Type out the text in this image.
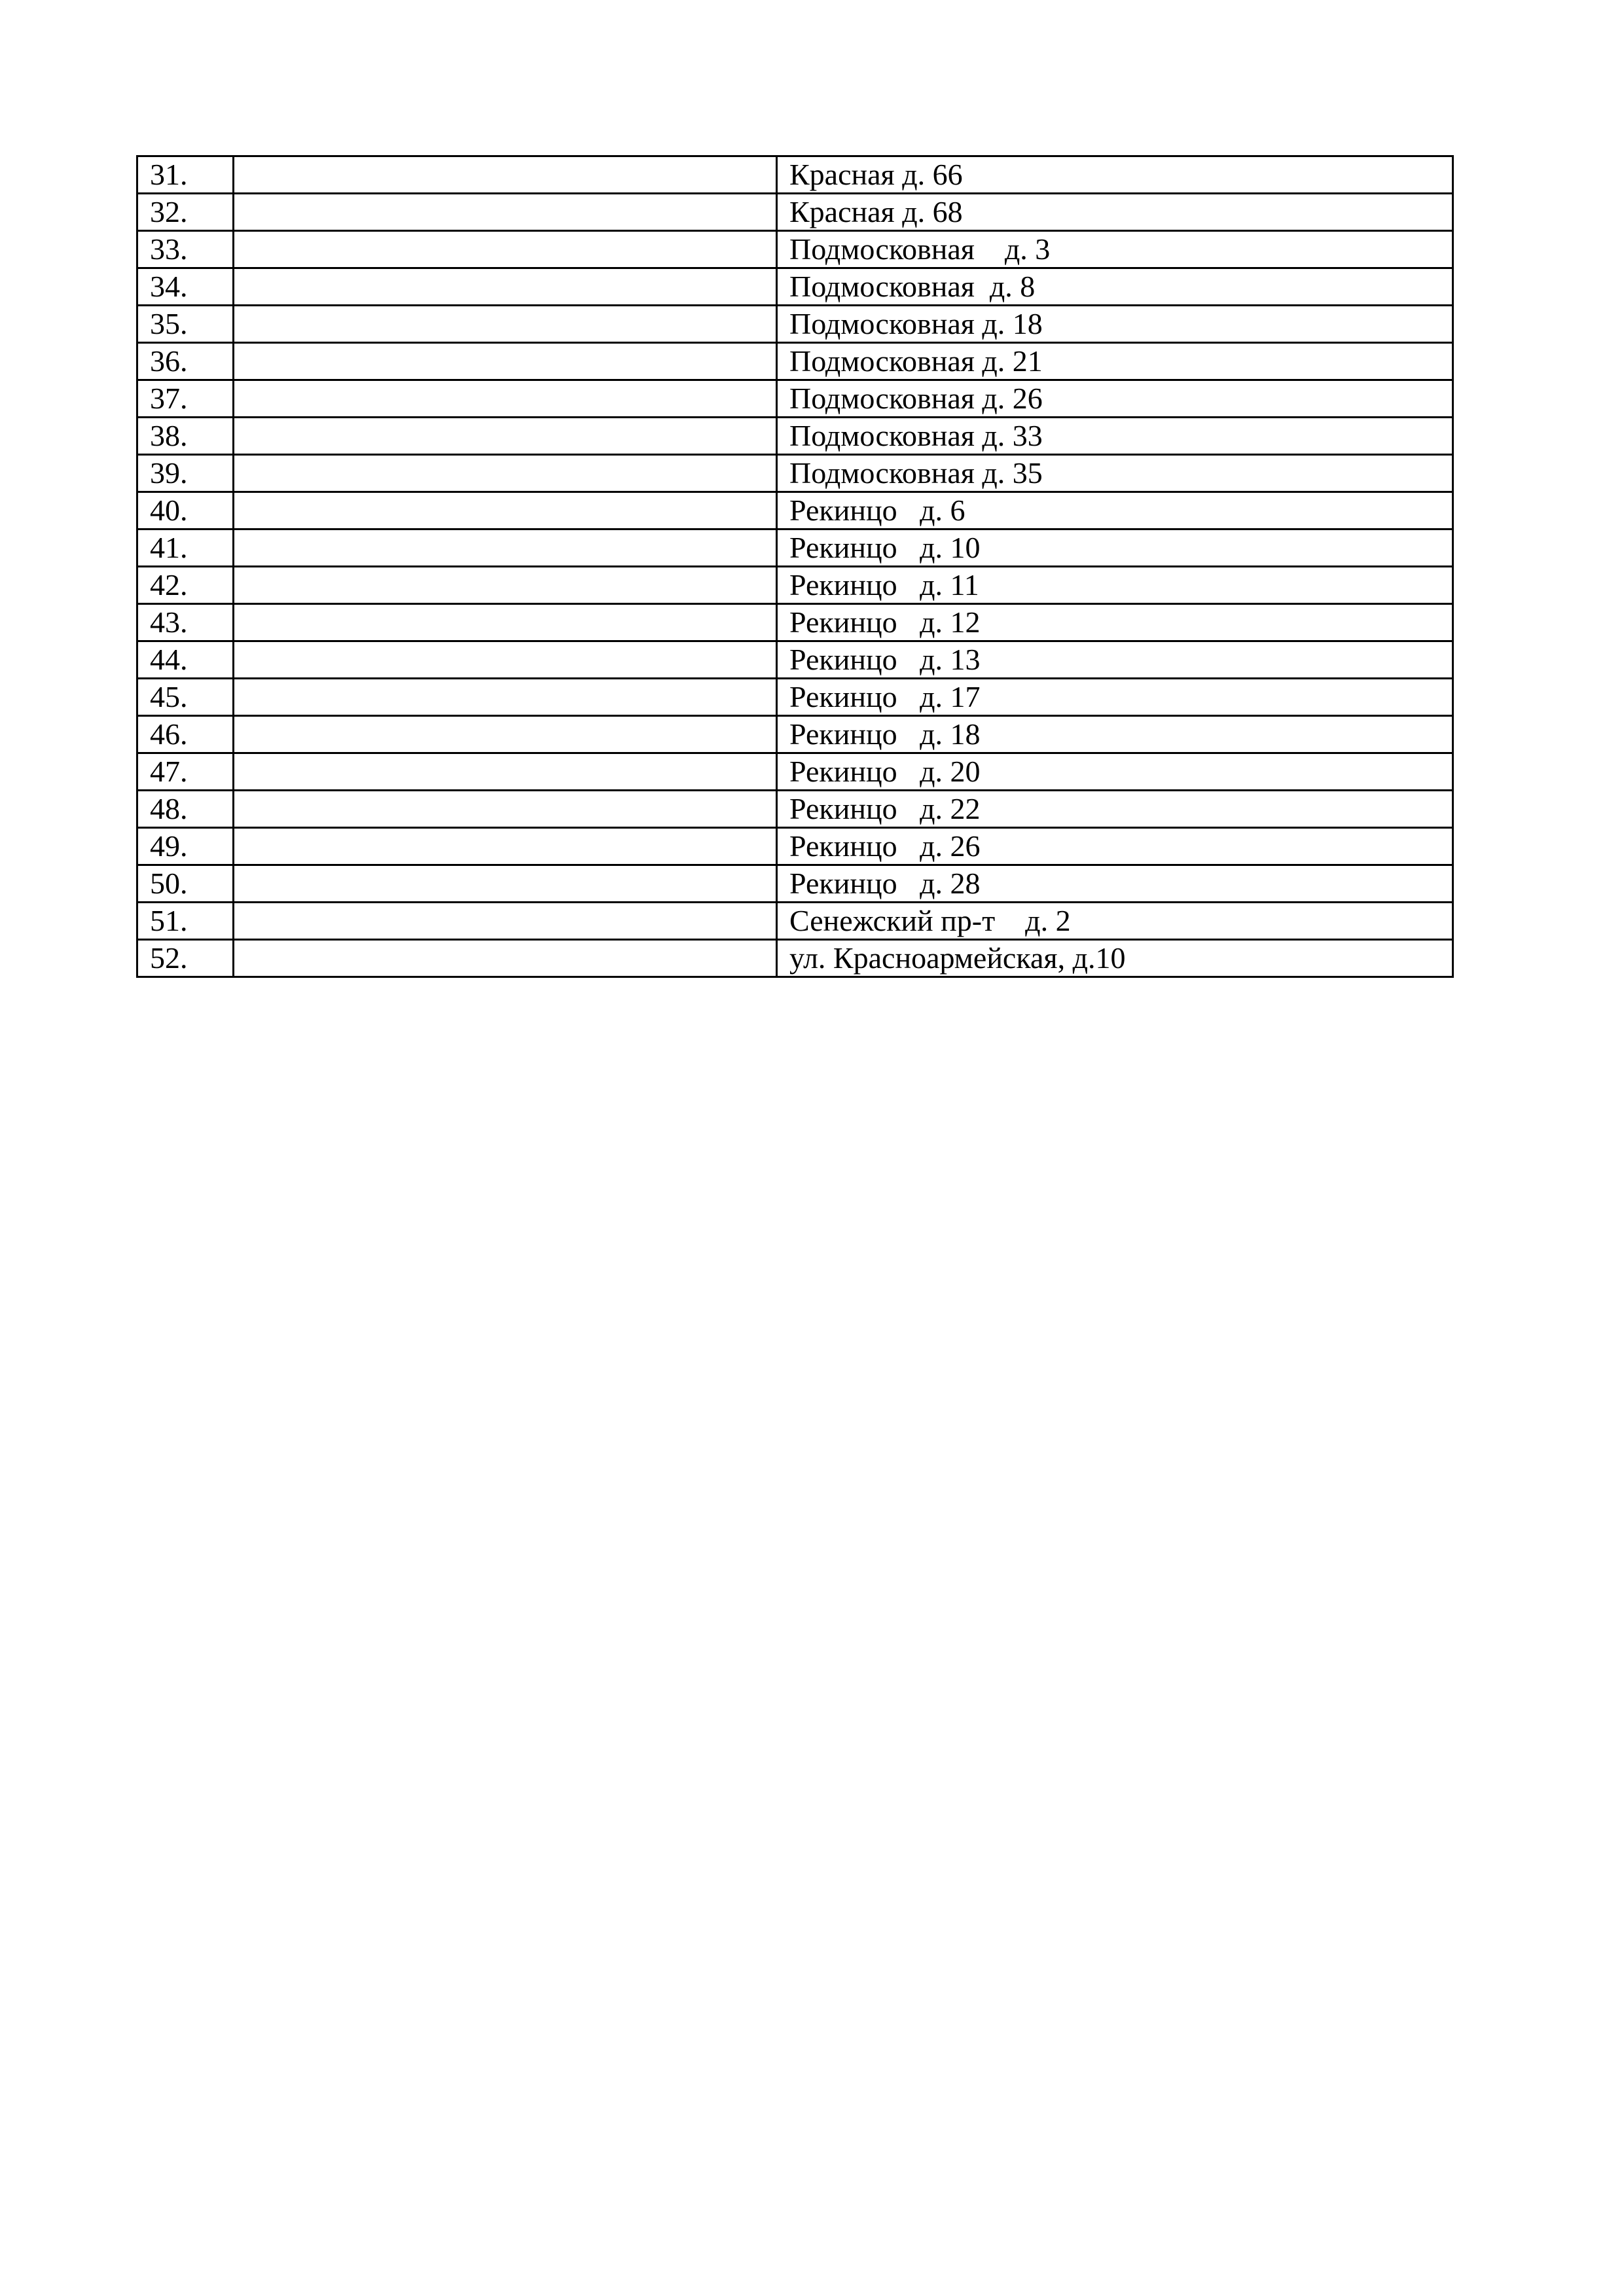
31.		Красная д. 66
32.		Красная д. 68
33.		Подмосковная    д. 3
34.		Подмосковная  д. 8
35.		Подмосковная д. 18
36.		Подмосковная д. 21
37.		Подмосковная д. 26
38.		Подмосковная д. 33
39.		Подмосковная д. 35
40.		Рекинцо   д. 6
41.		Рекинцо   д. 10
42.		Рекинцо   д. 11
43.		Рекинцо   д. 12
44.		Рекинцо   д. 13
45.		Рекинцо   д. 17
46.		Рекинцо   д. 18
47.		Рекинцо   д. 20
48.		Рекинцо   д. 22
49.		Рекинцо   д. 26
50.		Рекинцо   д. 28
51.		Сенежский пр-т    д. 2
52.		ул. Красноармейская, д.10
